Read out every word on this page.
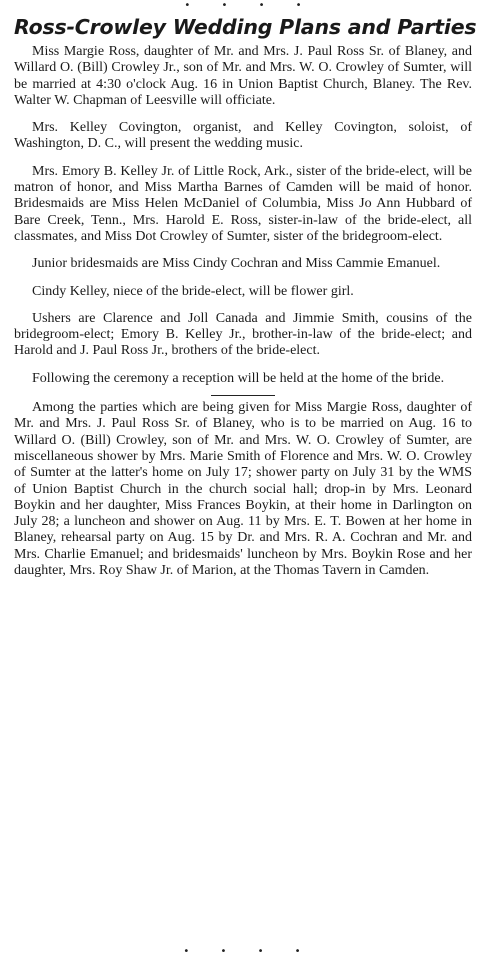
• • • •
Ross-Crowley Wedding Plans and Parties

Miss Margie Ross, daughter of Mr. and Mrs. J. Paul Ross Sr. of Blaney, and Willard O. (Bill) Crowley Jr., son of Mr. and Mrs. W. O. Crowley of Sumter, will be married at 4:30 o'clock Aug. 16 in Union Baptist Church, Blaney. The Rev. Walter W. Chapman of Leesville will officiate.

Mrs. Kelley Covington, organist, and Kelley Covington, soloist, of Washington, D. C., will present the wedding music.

Mrs. Emory B. Kelley Jr. of Little Rock, Ark., sister of the bride-elect, will be matron of honor, and Miss Martha Barnes of Camden will be maid of honor. Bridesmaids are Miss Helen McDaniel of Columbia, Miss Jo Ann Hubbard of Bare Creek, Tenn., Mrs. Harold E. Ross, sister-in-law of the bride-elect, all classmates, and Miss Dot Crowley of Sumter, sister of the bridegroom-elect.

Junior bridesmaids are Miss Cindy Cochran and Miss Cammie Emanuel.

Cindy Kelley, niece of the bride-elect, will be flower girl.

Ushers are Clarence and Joll Canada and Jimmie Smith, cousins of the bridegroom-elect; Emory B. Kelley Jr., brother-in-law of the bride-elect; and Harold and J. Paul Ross Jr., brothers of the bride-elect.

Following the ceremony a reception will be held at the home of the bride.

Among the parties which are being given for Miss Margie Ross, daughter of Mr. and Mrs. J. Paul Ross Sr. of Blaney, who is to be married on Aug. 16 to Willard O. (Bill) Crowley, son of Mr. and Mrs. W. O. Crowley of Sumter, are miscellaneous shower by Mrs. Marie Smith of Florence and Mrs. W. O. Crowley of Sumter at the latter's home on July 17; shower party on July 31 by the WMS of Union Baptist Church in the church social hall; drop-in by Mrs. Leonard Boykin and her daughter, Miss Frances Boykin, at their home in Darlington on July 28; a luncheon and shower on Aug. 11 by Mrs. E. T. Bowen at her home in Blaney, rehearsal party on Aug. 15 by Dr. and Mrs. R. A. Cochran and Mr. and Mrs. Charlie Emanuel; and bridesmaids' luncheon by Mrs. Boykin Rose and her daughter, Mrs. Roy Shaw Jr. of Marion, at the Thomas Tavern in Camden.

• • • •
